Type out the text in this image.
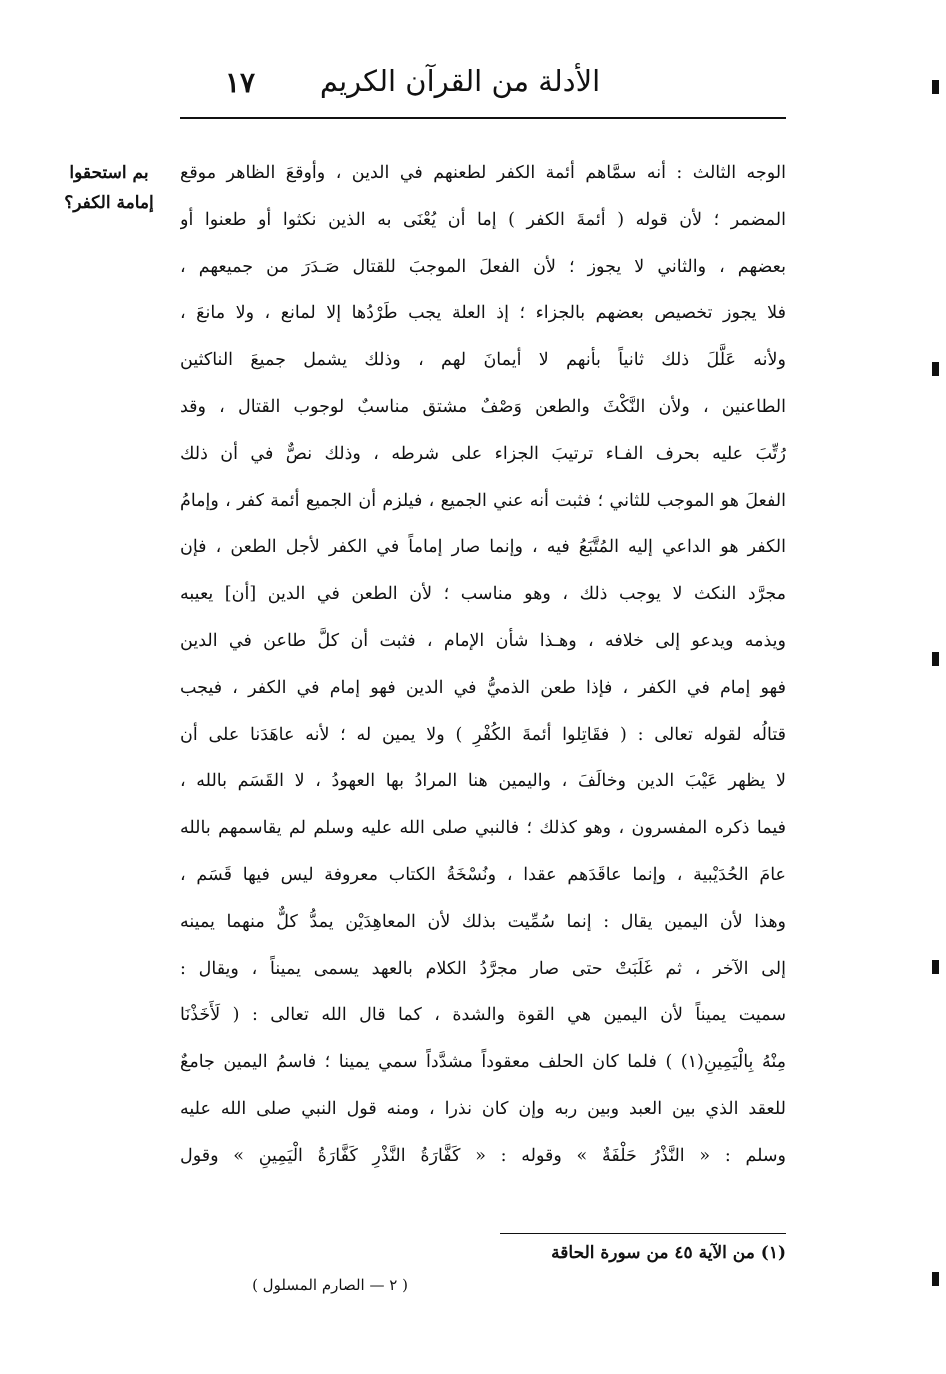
١٧	الأدلة من القرآن الكريم
بم استحقوا
إمامة الكفر؟
الوجه الثالث : أنه سمَّاهم أئمة الكفر لطعنهم في الدين ، وأوقعَ الظاهر موقع
المضمر ؛ لأن قوله ( أئمةَ الكفر ) إما أن يُعْنَى به الذين نكثوا أو طعنوا أو
بعضهم ، والثاني لا يجوز ؛ لأن الفعلَ الموجبَ للقتال صَـدَرَ من جميعهم ،
فلا يجوز تخصيص بعضهم بالجزاء ؛ إذ العلة يجب طَرْدُها إلا لمانع ، ولا مانعَ ،
ولأنه عَلَّلَ ذلك ثانياً بأنهم لا أيمانَ لهم ، وذلك يشمل جميعَ الناكثين
الطاعنين ، ولأن النَّكْثَ والطعن وَصْفٌ مشتق مناسبٌ لوجوب القتال ، وقد
رُتِّبَ عليه بحرف الفـاء ترتيبَ الجزاء على شرطه ، وذلك نصٌّ في أن ذلك
الفعلَ هو الموجب للثاني ؛ فثبت أنه عني الجميع ، فيلزم أن الجميع أئمة كفر ، وإمامُ
الكفر هو الداعي إليه المُتَّبَعُ فيه ، وإنما صار إماماً في الكفر لأجل الطعن ، فإن
مجرَّد النكث لا يوجب ذلك ، وهو مناسب ؛ لأن الطعن في الدين [أن] يعيبه
ويذمه ويدعو إلى خلافه ، وهـذا شأن الإمام ، فثبت أن كلَّ طاعن في الدين
فهو إمام في الكفر ، فإذا طعن الذميُّ في الدين فهو إمام في الكفر ، فيجب
قتالُه لقوله تعالى : ( فقَاتِلوا أئمةَ الكُفْرِ ) ولا يمين له ؛ لأنه عاهَدَنا على أن
لا يظهر عَيْبَ الدين وخالَفَ ، واليمين هنا المرادُ بها العهودُ ، لا القَسَم بالله ،
فيما ذكره المفسرون ، وهو كذلك ؛ فالنبي صلى الله عليه وسلم لم يقاسمهم بالله
عامَ الحُدَيْبية ، وإنما عاقَدَهم عقدا ، ونُسْخَةُ الكتاب معروفة ليس فيها قَسَم ،
وهذا لأن اليمين يقال : إنما سُمِّيت بذلك لأن المعاهِدَيْن يمدُّ كلٌّ منهما يمينه
إلى الآخر ، ثم غَلَبَتْ حتى صار مجرَّدُ الكلام بالعهد يسمى يميناً ، ويقال :
سميت يميناً لأن اليمين هي القوة والشدة ، كما قال الله تعالى : ( لَأَخَذْنَا
مِنْهُ بِالْيَمِينِ(١) ) فلما كان الحلف معقوداً مشدَّداً سمي يمينا ؛ فاسمُ اليمين جامعٌ
للعقد الذي بين العبد وبين ربه وإن كان نذرا ، ومنه قول النبي صلى الله عليه
وسلم : « النَّذْرُ حَلْفَةٌ » وقوله : « كَفَّارَةُ النَّذْرِ كَفَّارَةُ الْيَمِينِ » وقول
(١) من الآية ٤٥ من سورة الحاقة
( ٢ — الصارم المسلول )
